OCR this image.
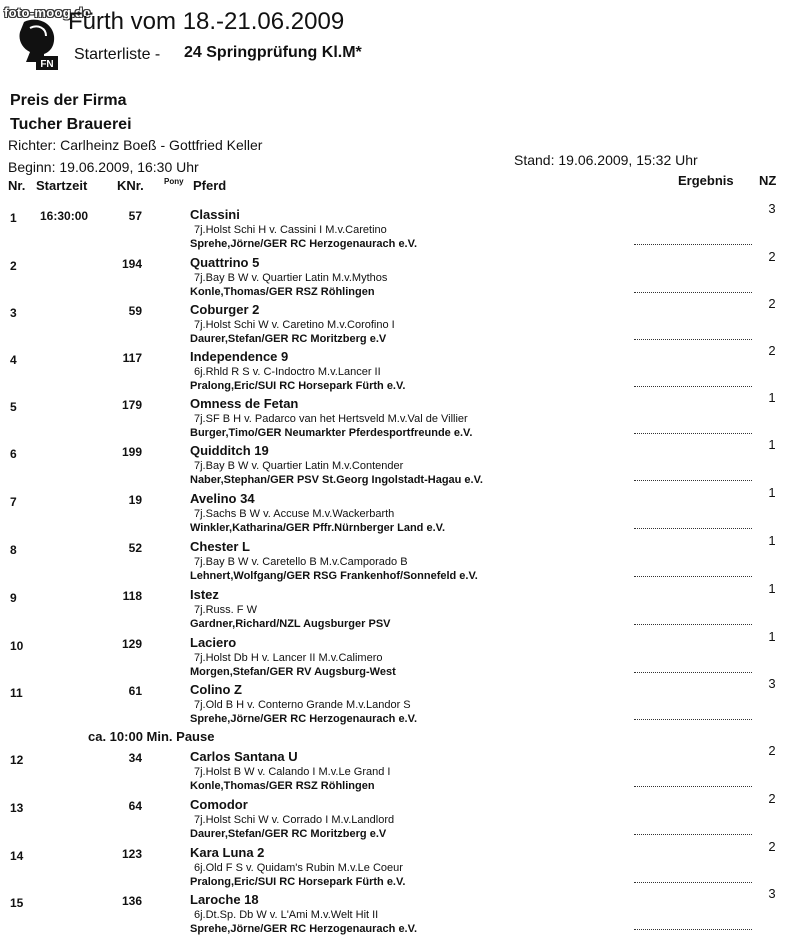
foto-moog.de
FN
Fürth vom 18.-21.06.2009
Starterliste - 24 Springprüfung Kl.M*
Preis der Firma
Tucher Brauerei
Richter: Carlheinz Boeß - Gottfried Keller
Beginn: 19.06.2009, 16:30 Uhr	Stand: 19.06.2009, 15:32 Uhr
Nr. Startzeit KNr.	Pony Pferd	Ergebnis NZ
ca. 10:00 Min. Pause
1 16:30:00	57	Classini
7j.Holst Schi H v. Cassini I M.v.Caretino
Sprehe,Jörne/GER RC Herzogenaurach e.V.
3
2	194	Quattrino 5
7j.Bay B W v. Quartier Latin M.v.Mythos
Konle,Thomas/GER RSZ Röhlingen
2
3	59	Coburger 2
7j.Holst Schi W v. Caretino M.v.Corofino I
Daurer,Stefan/GER RC Moritzberg e.V
2
4	117	Independence 9
6j.Rhld R S v. C-Indoctro M.v.Lancer II
Pralong,Eric/SUI RC Horsepark Fürth e.V.
2
5	179	Omness de Fetan
7j.SF B H v. Padarco van het Hertsveld M.v.Val de Villier
Burger,Timo/GER Neumarkter Pferdesportfreunde e.V.
1
6	199	Quidditch 19
7j.Bay B W v. Quartier Latin M.v.Contender
Naber,Stephan/GER PSV St.Georg Ingolstadt-Hagau e.V.
1
7	19	Avelino 34
7j.Sachs B W v. Accuse M.v.Wackerbarth
Winkler,Katharina/GER Pffr.Nürnberger Land e.V.
1
8	52	Chester L
7j.Bay B W v. Caretello B M.v.Camporado B
Lehnert,Wolfgang/GER RSG Frankenhof/Sonnefeld e.V.
1
9	118	Istez
7j.Russ. F W
Gardner,Richard/NZL Augsburger PSV
1
10	129	Laciero
7j.Holst Db H v. Lancer II M.v.Calimero
Morgen,Stefan/GER RV Augsburg-West
1
11	61	Colino Z
7j.Old B H v. Conterno Grande M.v.Landor S
Sprehe,Jörne/GER RC Herzogenaurach e.V.
3
12	34	Carlos Santana U
7j.Holst B W v. Calando I M.v.Le Grand I
Konle,Thomas/GER RSZ Röhlingen
2
13	64	Comodor
7j.Holst Schi W v. Corrado I M.v.Landlord
Daurer,Stefan/GER RC Moritzberg e.V
2
14	123	Kara Luna 2
6j.Old F S v. Quidam's Rubin M.v.Le Coeur
Pralong,Eric/SUI RC Horsepark Fürth e.V.
2
15	136	Laroche 18
6j.Dt.Sp. Db W v. L'Ami M.v.Welt Hit II
Sprehe,Jörne/GER RC Herzogenaurach e.V.
3
